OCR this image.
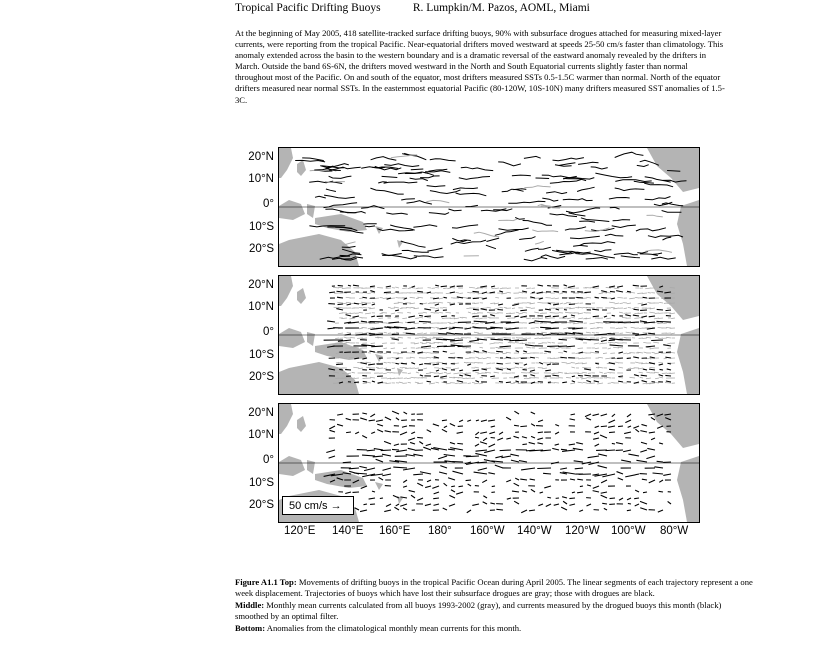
Tropical Pacific Drifting Buoys	R. Lumpkin/M. Pazos, AOML, Miami
At the beginning of May 2005, 418 satellite-tracked surface drifting buoys, 90% with subsurface drogues attached for measuring mixed-layer currents, were reporting from the tropical Pacific. Near-equatorial drifters moved westward at speeds 25-50 cm/s faster than climatology. This anomaly extended across the basin to the western boundary and is a dramatic reversal of the eastward anomaly revealed by the drifters in March. Outside the band 6S-6N, the drifters moved westward in the North and South Equatorial currents slightly faster than normal throughout most of the Pacific. On and south of the equator, most drifters measured SSTs 0.5-1.5C warmer than normal. North of the equator drifters measured near normal SSTs. In the easternmost equatorial Pacific (80-120W, 10S-10N) many drifters measured SST anomalies of 1.5-3C.
20°N
10°N
0°
10°S
20°S
20°N
10°N
0°
10°S
20°S
20°N
10°N
0°
10°S
20°S
120°E 140°E 160°E 180° 160°W 140°W 120°W 100°W 80°W
50 cm/s →

Figure A1.1 Top: Movements of drifting buoys in the tropical Pacific Ocean during April 2005. The linear segments of each trajectory represent a one week displacement. Trajectories of buoys which have lost their subsurface drogues are gray; those with drogues are black.

Middle: Monthly mean currents calculated from all buoys 1993-2002 (gray), and currents measured by the drogued buoys this month (black) smoothed by an optimal filter.

Bottom: Anomalies from the climatological monthly mean currents for this month.
